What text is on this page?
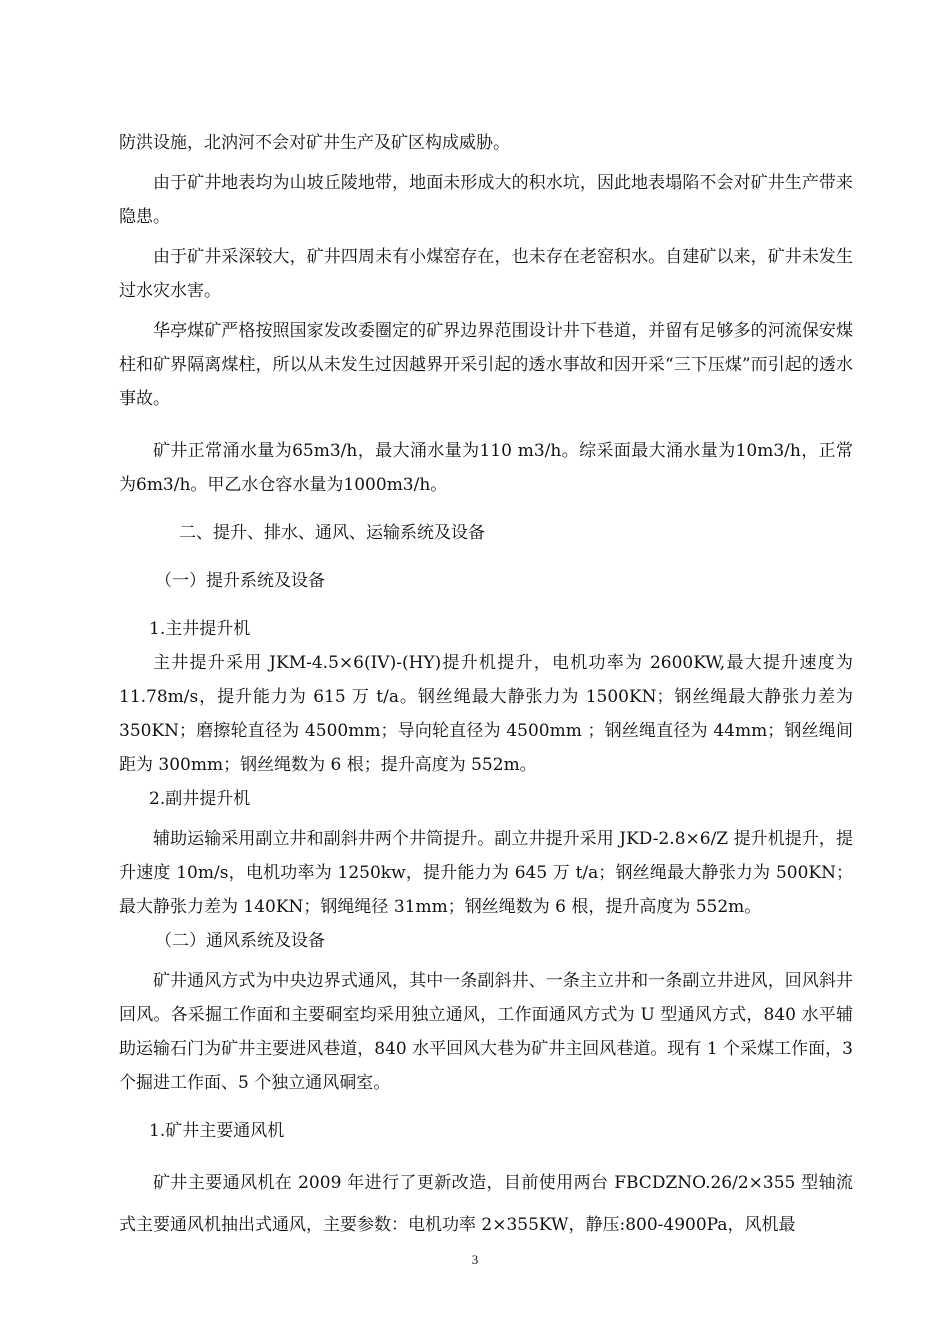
防洪设施，北汭河不会对矿井生产及矿区构成威胁。

由于矿井地表均为山坡丘陵地带，地面未形成大的积水坑，因此地表塌陷不会对矿井生产带来隐患。

由于矿井采深较大，矿井四周未有小煤窑存在，也未存在老窑积水。自建矿以来，矿井未发生过水灾水害。

华亭煤矿严格按照国家发改委圈定的矿界边界范围设计井下巷道，并留有足够多的河流保安煤柱和矿界隔离煤柱，所以从未发生过因越界开采引起的透水事故和因开采“三下压煤”而引起的透水事故。

矿井正常涌水量为65m3/h，最大涌水量为110 m3/h。综采面最大涌水量为10m3/h，正常为6m3/h。甲乙水仓容水量为1000m3/h。

二、提升、排水、通风、运输系统及设备

（一）提升系统及设备

1.主井提升机

主井提升采用 JKM-4.5×6(IV)-(HY)提升机提升，电机功率为 2600KW,最大提升速度为 11.78m/s，提升能力为 615 万 t/a。钢丝绳最大静张力为 1500KN；钢丝绳最大静张力差为 350KN；磨擦轮直径为 4500mm；导向轮直径为 4500mm ；钢丝绳直径为 44mm；钢丝绳间距为 300mm；钢丝绳数为 6 根；提升高度为 552m。

2.副井提升机

辅助运输采用副立井和副斜井两个井筒提升。副立井提升采用 JKD-2.8×6/Z 提升机提升，提升速度 10m/s，电机功率为 1250kw，提升能力为 645 万 t/a；钢丝绳最大静张力为 500KN；最大静张力差为 140KN；钢绳绳径 31mm；钢丝绳数为 6 根，提升高度为 552m。

（二）通风系统及设备

矿井通风方式为中央边界式通风，其中一条副斜井、一条主立井和一条副立井进风，回风斜井回风。各采掘工作面和主要硐室均采用独立通风，工作面通风方式为 U 型通风方式，840 水平辅助运输石门为矿井主要进风巷道，840 水平回风大巷为矿井主回风巷道。现有 1 个采煤工作面，3 个掘进工作面、5 个独立通风硐室。

1.矿井主要通风机

矿井主要通风机在 2009 年进行了更新改造，目前使用两台 FBCDZNO.26/2×355 型轴流式主要通风机抽出式通风，主要参数：电机功率 2×355KW，静压:800-4900Pa，风机最

3
